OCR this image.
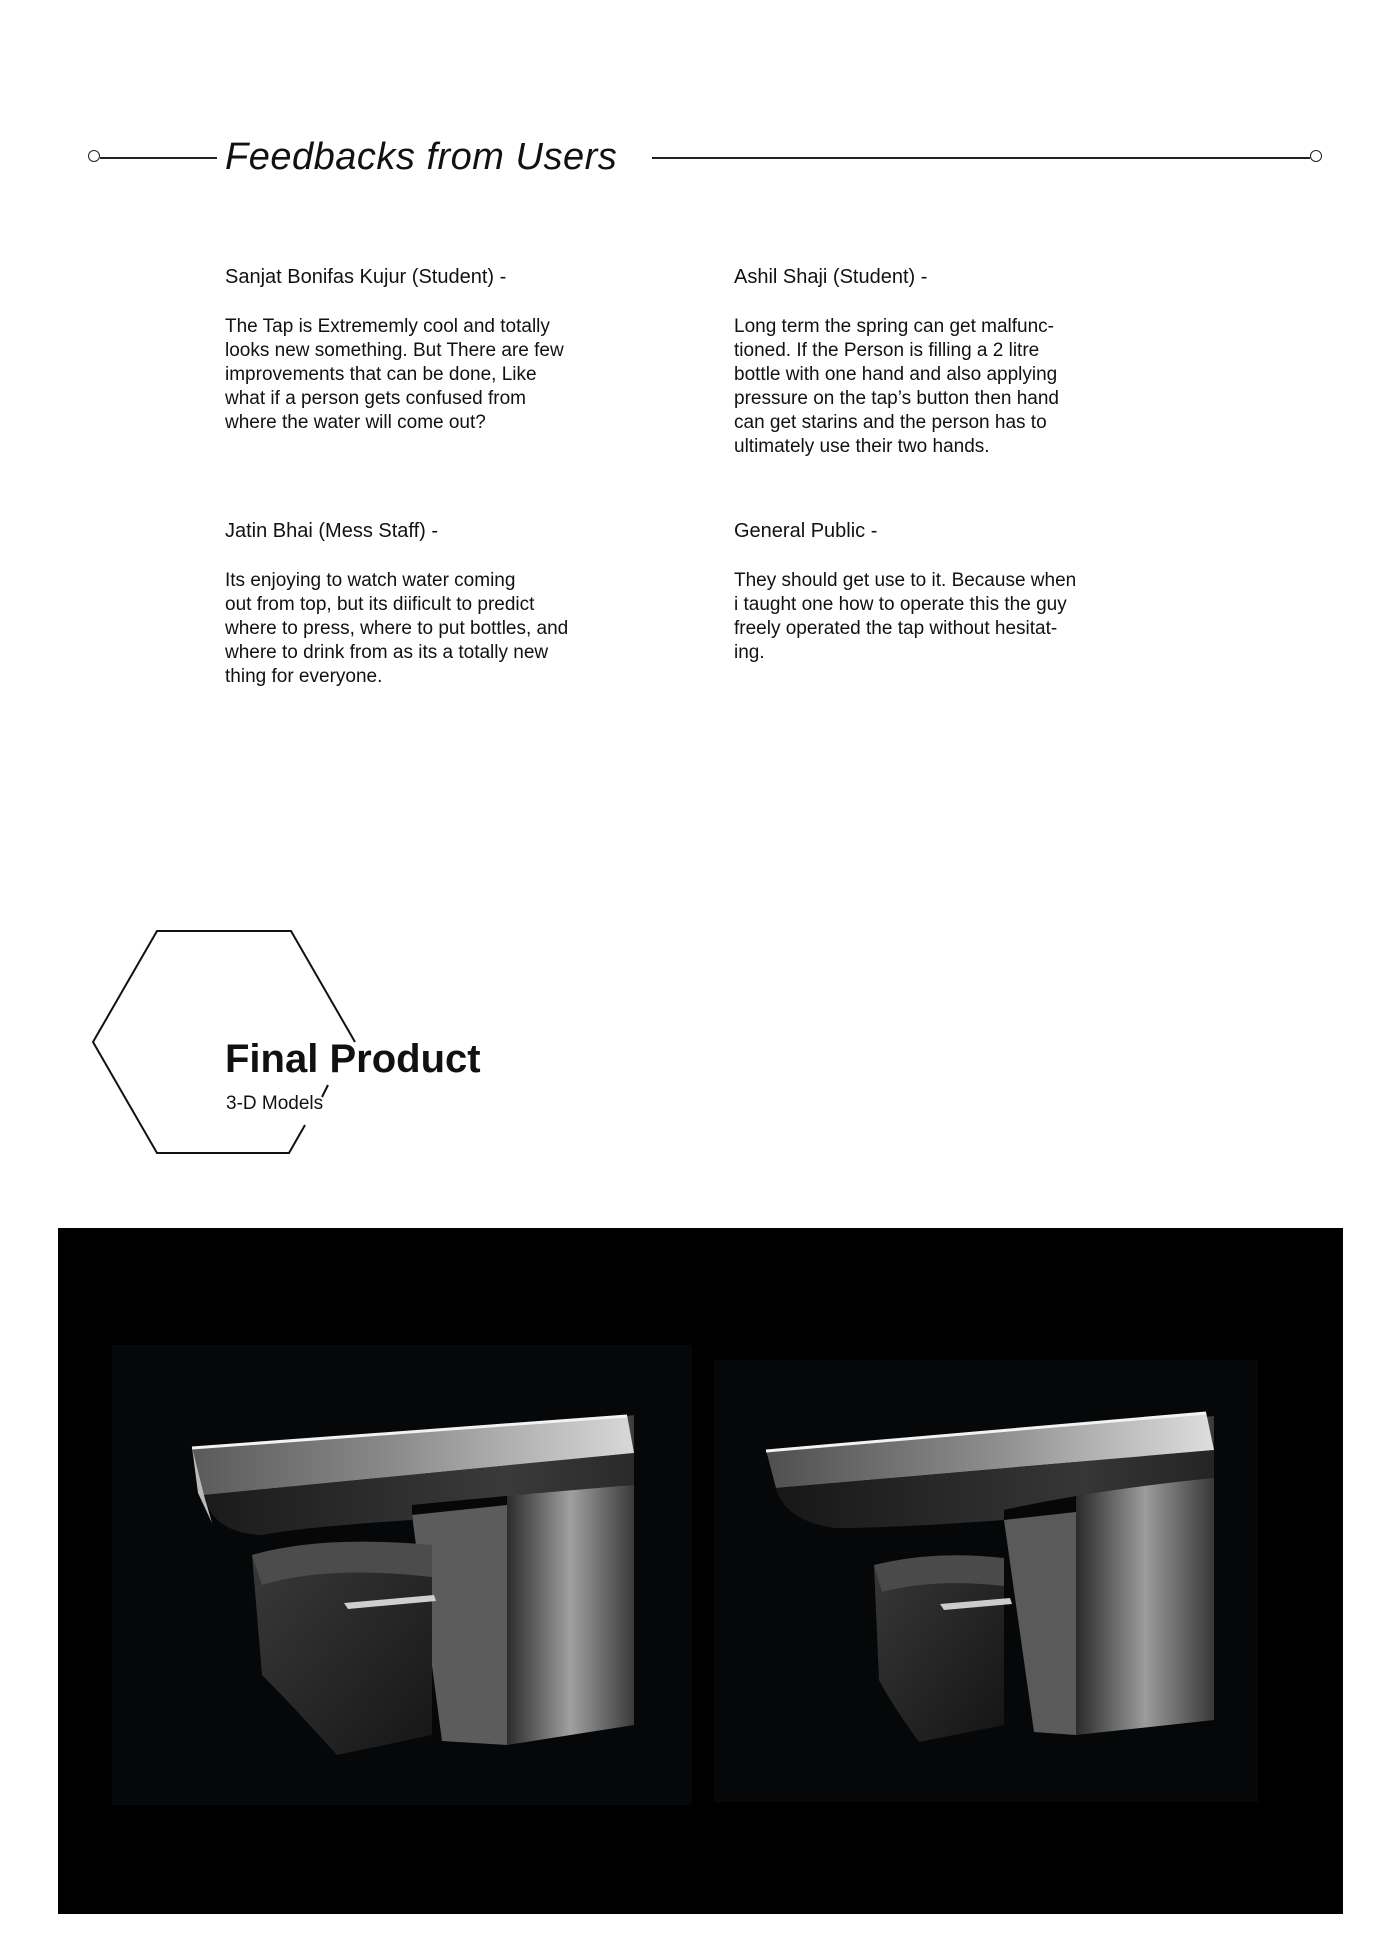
Feedbacks from Users

Sanjat Bonifas Kujur (Student) -

The Tap is Extrememly cool and totally
looks new something. But There are few
improvements that can be done, Like
what if a person gets confused from
where the water will come out?

Ashil Shaji (Student) -

Long term the spring can get malfunc-
tioned. If the Person is filling a 2 litre
bottle with one hand and also applying
pressure on the tap’s button then hand
can get starins and the person has to
ultimately use their two hands.

Jatin Bhai (Mess Staff) -

Its enjoying to watch water coming
out from top, but its diificult to predict
where to press, where to put bottles, and
where to drink from as its a totally new
thing for everyone.

General Public -

They should get use to it. Because when
i taught one how to operate this the guy
freely operated the tap without hesitat-
ing.

Final Product

3-D Models
